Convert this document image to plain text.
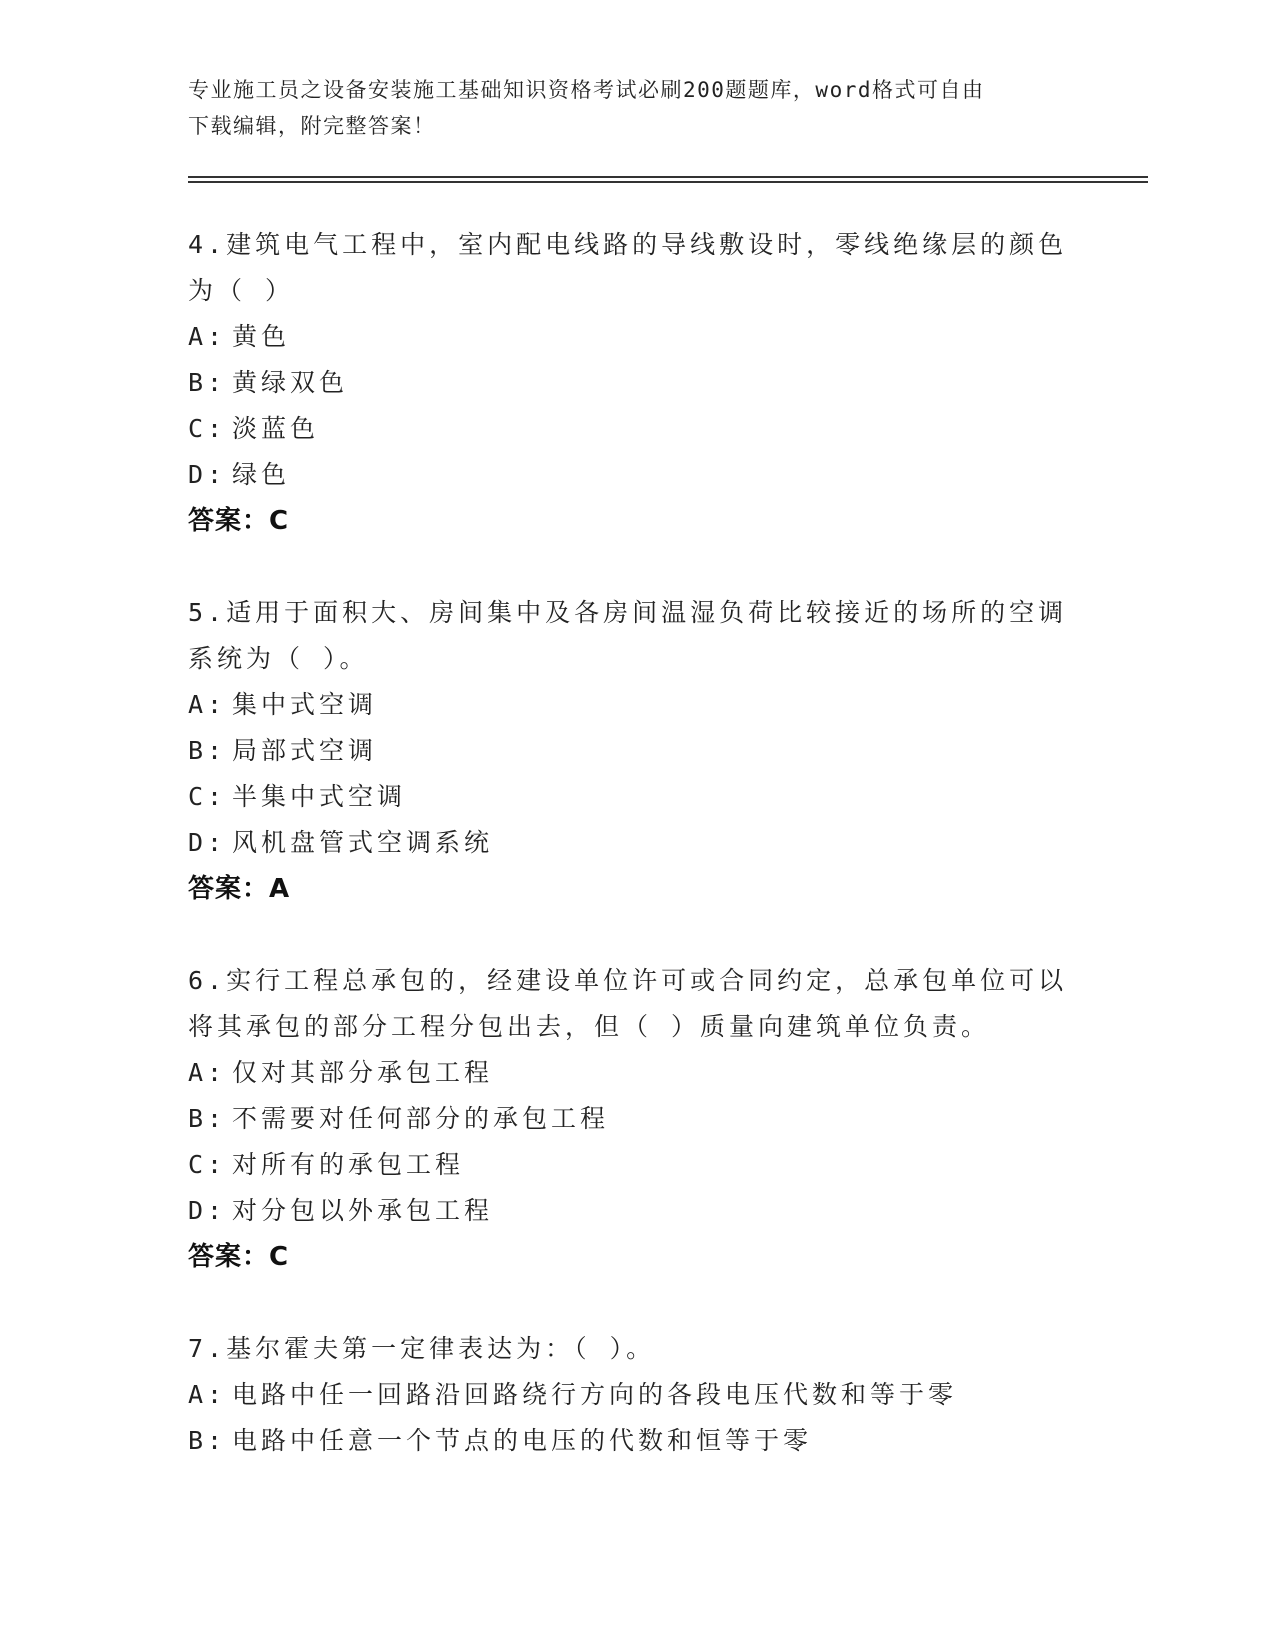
专业施工员之设备安装施工基础知识资格考试必刷200题题库，word格式可自由
下载编辑，附完整答案！
4.建筑电气工程中，室内配电线路的导线敷设时，零线绝缘层的颜色
为（ ）
A: 黄色
B: 黄绿双色
C: 淡蓝色
D: 绿色
答案：C
5.适用于面积大、房间集中及各房间温湿负荷比较接近的场所的空调
系统为（ ）。
A: 集中式空调
B: 局部式空调
C: 半集中式空调
D: 风机盘管式空调系统
答案：A
6.实行工程总承包的，经建设单位许可或合同约定，总承包单位可以
将其承包的部分工程分包出去，但（ ）质量向建筑单位负责。
A: 仅对其部分承包工程
B: 不需要对任何部分的承包工程
C: 对所有的承包工程
D: 对分包以外承包工程
答案：C
7.基尔霍夫第一定律表达为：（ ）。
A: 电路中任一回路沿回路绕行方向的各段电压代数和等于零
B: 电路中任意一个节点的电压的代数和恒等于零
